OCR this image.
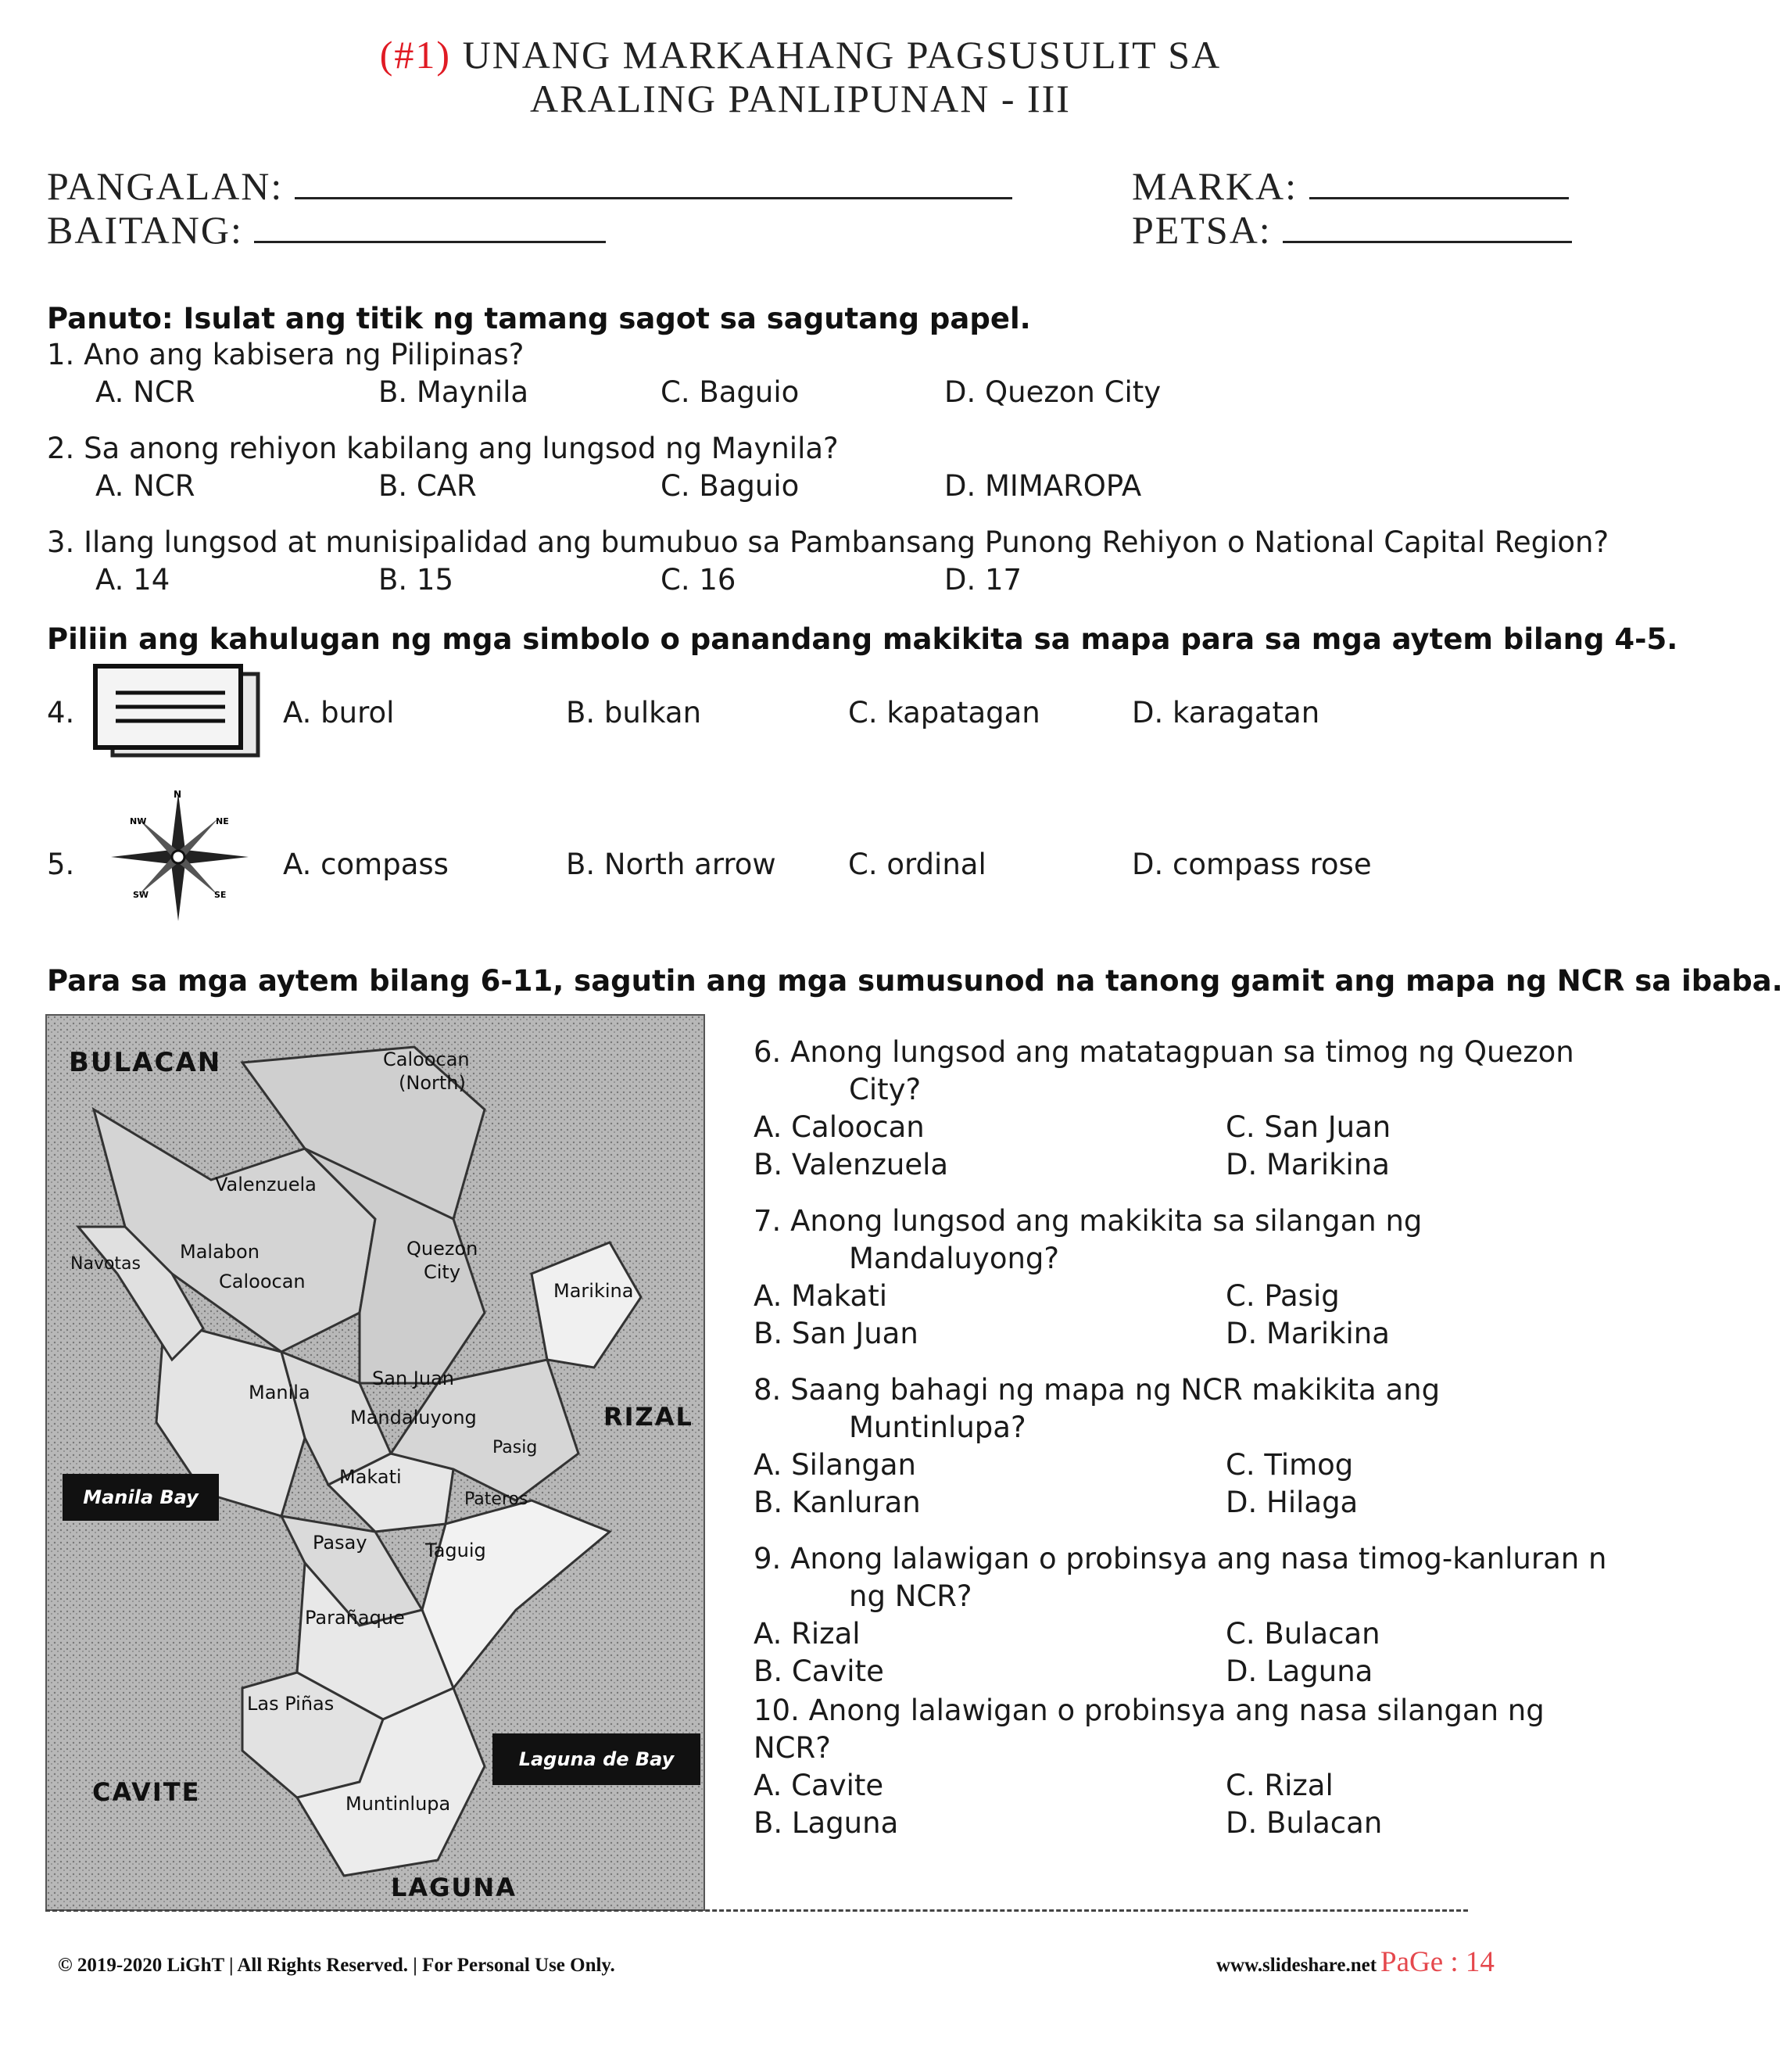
(#1) UNANG MARKAHANG PAGSUSULIT SA
ARALING PANLIPUNAN - III
PANGALAN:	MARKA:
BAITANG:	PETSA:
Panuto: Isulat ang titik ng tamang sagot sa sagutang papel.
1. Ano ang kabisera ng Pilipinas?
A. NCR	B. Maynila	C. Baguio	D. Quezon City
2. Sa anong rehiyon kabilang ang lungsod ng Maynila?
A. NCR	B. CAR	C. Baguio	D. MIMAROPA
3. Ilang lungsod at munisipalidad ang bumubuo sa Pambansang Punong Rehiyon o National Capital Region?
A. 14	B. 15	C. 16	D. 17
Piliin ang kahulugan ng mga simbolo o panandang makikita sa mapa para sa mga aytem bilang 4-5.
4.	A. burol	B. bulkan	C. kapatagan	D. karagatan
5.
N
NW	NE
SW	SE
A. compass	B. North arrow C. ordinal	D. compass rose
Para sa mga aytem bilang 6-11, sagutin ang mga sumusunod na tanong gamit ang mapa ng NCR sa ibaba.
BULACAN	Caloocan
(North)
Valenzuela
Navotas
Malabon
Caloocan
Quezon
City
Marikina
Manila
San Juan
Mandaluyong	RIZAL
Pasig
Makati
Pateros
Manila Bay
Pasay	Taguig
Parañaque
Las Piñas
Laguna de Bay
CAVITE	Muntinlupa
LAGUNA
6. Anong lungsod ang matatagpuan sa timog ng Quezon
City?
A. Caloocan	C. San Juan
B. Valenzuela	D. Marikina
7. Anong lungsod ang makikita sa silangan ng
Mandaluyong?
A. Makati	C. Pasig
B. San Juan	D. Marikina
8. Saang bahagi ng mapa ng NCR makikita ang
Muntinlupa?
A. Silangan	C. Timog
B. Kanluran	D. Hilaga
9. Anong lalawigan o probinsya ang nasa timog-kanluran n
ng NCR?
A. Rizal	C. Bulacan
B. Cavite	D. Laguna
10. Anong lalawigan o probinsya ang nasa silangan ng
NCR?
A. Cavite	C. Rizal
B. Laguna	D. Bulacan
© 2019-2020 LiGhT | All Rights Reserved. | For Personal Use Only.	www.slideshare.net PaGe : 14
